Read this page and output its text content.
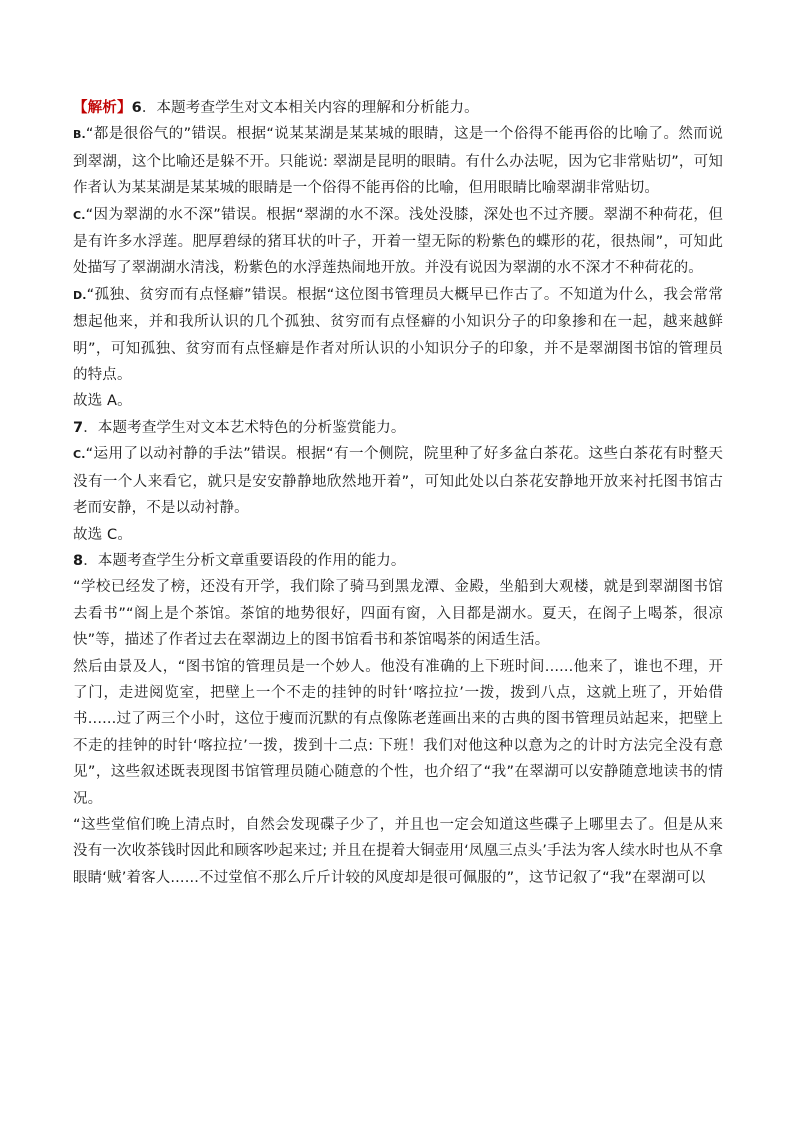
【解析】6．本题考查学生对文本相关内容的理解和分析能力。

B.“都是很俗气的”错误。根据“说某某湖是某某城的眼睛，这是一个俗得不能再俗的比喻了。然而说到翠湖，这个比喻还是躲不开。只能说: 翠湖是昆明的眼睛。有什么办法呢，因为它非常贴切”，可知作者认为某某湖是某某城的眼睛是一个俗得不能再俗的比喻，但用眼睛比喻翠湖非常贴切。

C.“因为翠湖的水不深”错误。根据“翠湖的水不深。浅处没膝，深处也不过齐腰。翠湖不种荷花，但是有许多水浮莲。肥厚碧绿的猪耳状的叶子，开着一望无际的粉紫色的蝶形的花，很热闹”，可知此处描写了翠湖湖水清浅，粉紫色的水浮莲热闹地开放。并没有说因为翠湖的水不深才不种荷花的。

D.“孤独、贫穷而有点怪癖”错误。根据“这位图书管理员大概早已作古了。不知道为什么，我会常常想起他来，并和我所认识的几个孤独、贫穷而有点怪癖的小知识分子的印象掺和在一起，越来越鲜明”，可知孤独、贫穷而有点怪癖是作者对所认识的小知识分子的印象，并不是翠湖图书馆的管理员的特点。

故选 A。

7．本题考查学生对文本艺术特色的分析鉴赏能力。

C.“运用了以动衬静的手法”错误。根据“有一个侧院，院里种了好多盆白茶花。这些白茶花有时整天没有一个人来看它，就只是安安静静地欣然地开着”，可知此处以白茶花安静地开放来衬托图书馆古老而安静，不是以动衬静。

故选 C。

8．本题考查学生分析文章重要语段的作用的能力。

“学校已经发了榜，还没有开学，我们除了骑马到黑龙潭、金殿，坐船到大观楼，就是到翠湖图书馆去看书”“阁上是个茶馆。茶馆的地势很好，四面有窗，入目都是湖水。夏天，在阁子上喝茶，很凉快”等，描述了作者过去在翠湖边上的图书馆看书和茶馆喝茶的闲适生活。

然后由景及人，“图书馆的管理员是一个妙人。他没有准确的上下班时间......他来了，谁也不理，开了门，走进阅览室，把壁上一个不走的挂钟的时针‘喀拉拉’一拨，拨到八点，这就上班了，开始借书......过了两三个小时，这位于瘦而沉默的有点像陈老莲画出来的古典的图书管理员站起来，把壁上不走的挂钟的时针‘喀拉拉’一拨，拨到十二点: 下班！我们对他这种以意为之的计时方法完全没有意见”，这些叙述既表现图书馆管理员随心随意的个性，也介绍了“我”在翠湖可以安静随意地读书的情况。

“这些堂倌们晚上清点时，自然会发现碟子少了，并且也一定会知道这些碟子上哪里去了。但是从来没有一次收茶钱时因此和顾客吵起来过; 并且在提着大铜壶用‘凤凰三点头’手法为客人续水时也从不拿眼睛‘贼’着客人......不过堂倌不那么斤斤计较的风度却是很可佩服的”，这节记叙了“我”在翠湖可以
